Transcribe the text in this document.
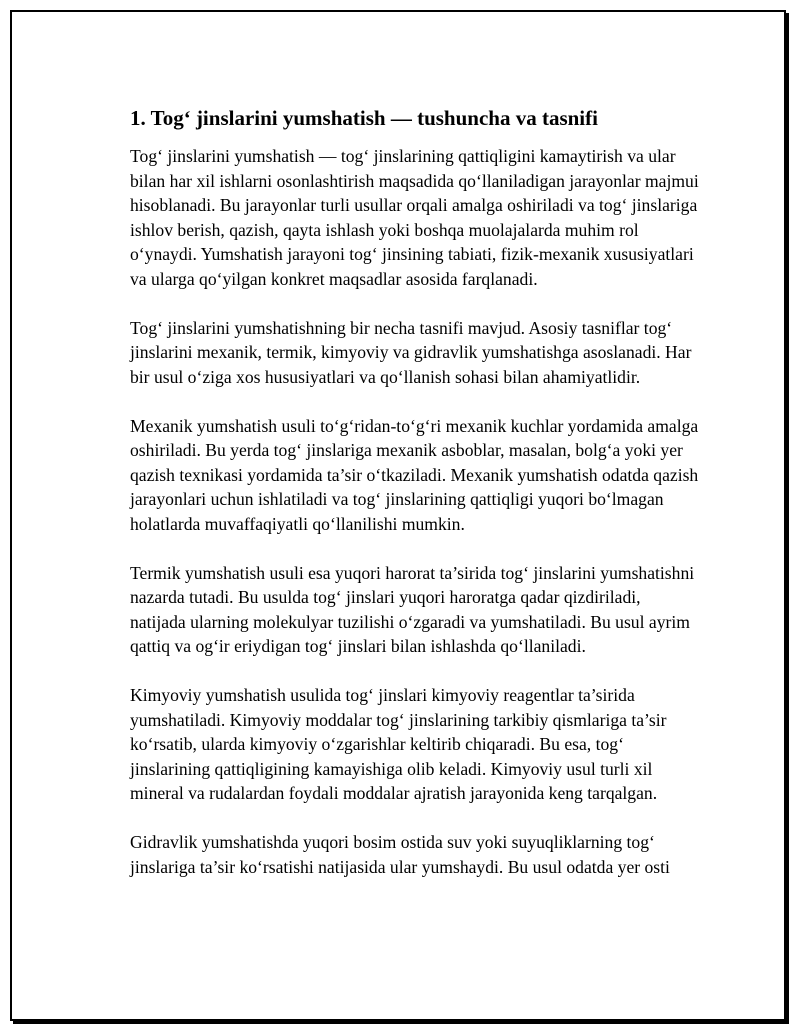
1. Tog‘ jinslarini yumshatish — tushuncha va tasnifi

Tog‘ jinslarini yumshatish — tog‘ jinslarining qattiqligini kamaytirish va ular bilan har xil ishlarni osonlashtirish maqsadida qo‘llaniladigan jarayonlar majmui hisoblanadi. Bu jarayonlar turli usullar orqali amalga oshiriladi va tog‘ jinslariga ishlov berish, qazish, qayta ishlash yoki boshqa muolajalarda muhim rol o‘ynaydi. Yumshatish jarayoni tog‘ jinsining tabiati, fizik-mexanik xususiyatlari va ularga qo‘yilgan konkret maqsadlar asosida farqlanadi.

Tog‘ jinslarini yumshatishning bir necha tasnifi mavjud. Asosiy tasniflar tog‘ jinslarini mexanik, termik, kimyoviy va gidravlik yumshatishga asoslanadi. Har bir usul o‘ziga xos hususiyatlari va qo‘llanish sohasi bilan ahamiyatlidir.

Mexanik yumshatish usuli to‘g‘ridan-to‘g‘ri mexanik kuchlar yordamida amalga oshiriladi. Bu yerda tog‘ jinslariga mexanik asboblar, masalan, bolg‘a yoki yer qazish texnikasi yordamida ta’sir o‘tkaziladi. Mexanik yumshatish odatda qazish jarayonlari uchun ishlatiladi va tog‘ jinslarining qattiqligi yuqori bo‘lmagan holatlarda muvaffaqiyatli qo‘llanilishi mumkin.

Termik yumshatish usuli esa yuqori harorat ta’sirida tog‘ jinslarini yumshatishni nazarda tutadi. Bu usulda tog‘ jinslari yuqori haroratga qadar qizdiriladi, natijada ularning molekulyar tuzilishi o‘zgaradi va yumshatiladi. Bu usul ayrim qattiq va og‘ir eriydigan tog‘ jinslari bilan ishlashda qo‘llaniladi.

Kimyoviy yumshatish usulida tog‘ jinslari kimyoviy reagentlar ta’sirida yumshatiladi. Kimyoviy moddalar tog‘ jinslarining tarkibiy qismlariga ta’sir ko‘rsatib, ularda kimyoviy o‘zgarishlar keltirib chiqaradi. Bu esa, tog‘ jinslarining qattiqligining kamayishiga olib keladi. Kimyoviy usul turli xil mineral va rudalardan foydali moddalar ajratish jarayonida keng tarqalgan.

Gidravlik yumshatishda yuqori bosim ostida suv yoki suyuqliklarning tog‘ jinslariga ta’sir ko‘rsatishi natijasida ular yumshaydi. Bu usul odatda yer osti
